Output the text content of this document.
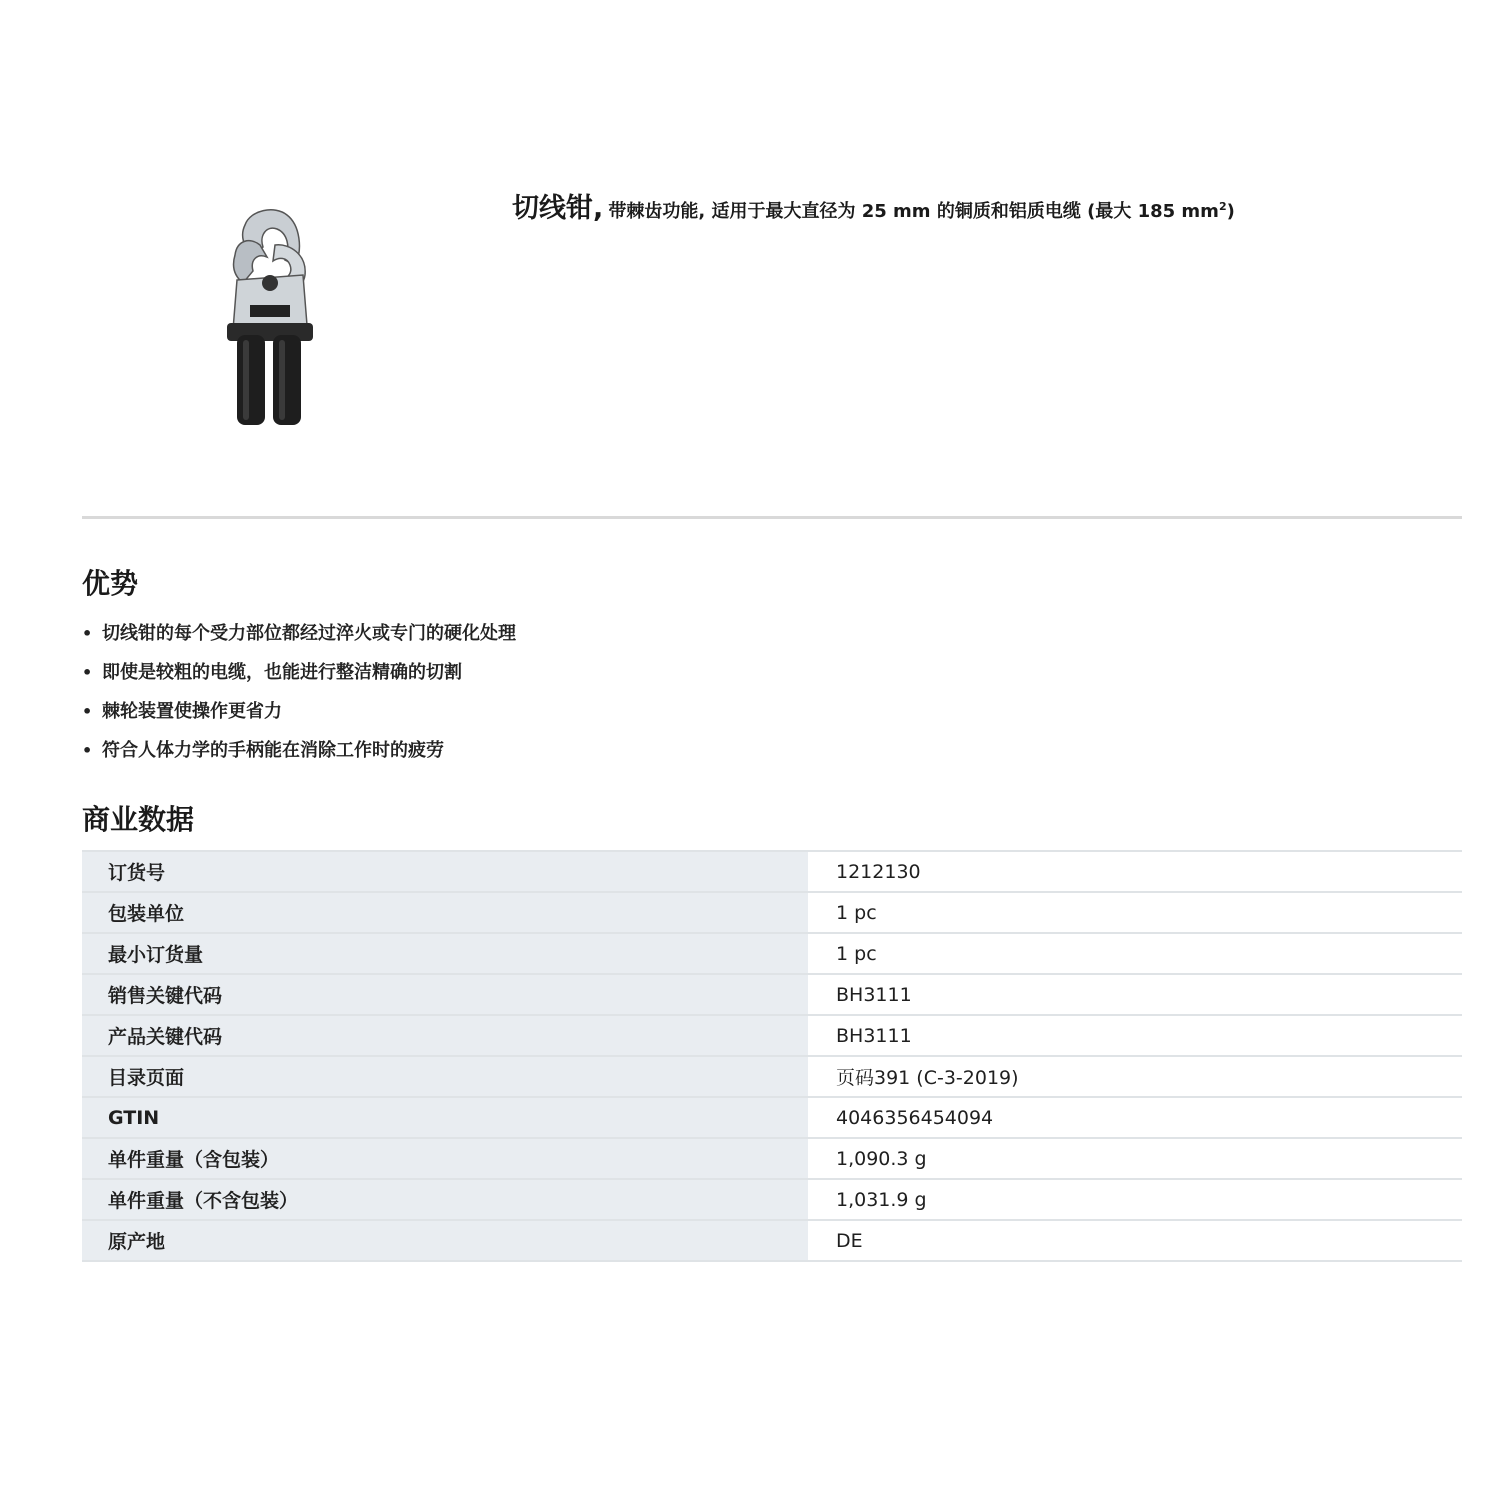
切线钳, 带棘齿功能, 适用于最大直径为 25 mm 的铜质和铝质电缆 (最大 185 $mm^2$)
优势
• 切线钳的每个受力部位都经过淬火或专门的硬化处理
• 即使是较粗的电缆，也能进行整洁精确的切割
• 棘轮装置使操作更省力
• 符合人体力学的手柄能在消除工作时的疲劳
商业数据
订货号	1212130
包装单位	1 pc
最小订货量	1 pc
销售关键代码	BH3111
产品关键代码	BH3111
目录页面	页码391 (C-3-2019)
GTIN	4046356454094
单件重量（含包装）	1,090.3 g
单件重量（不含包装）	1,031.9 g
原产地	DE
